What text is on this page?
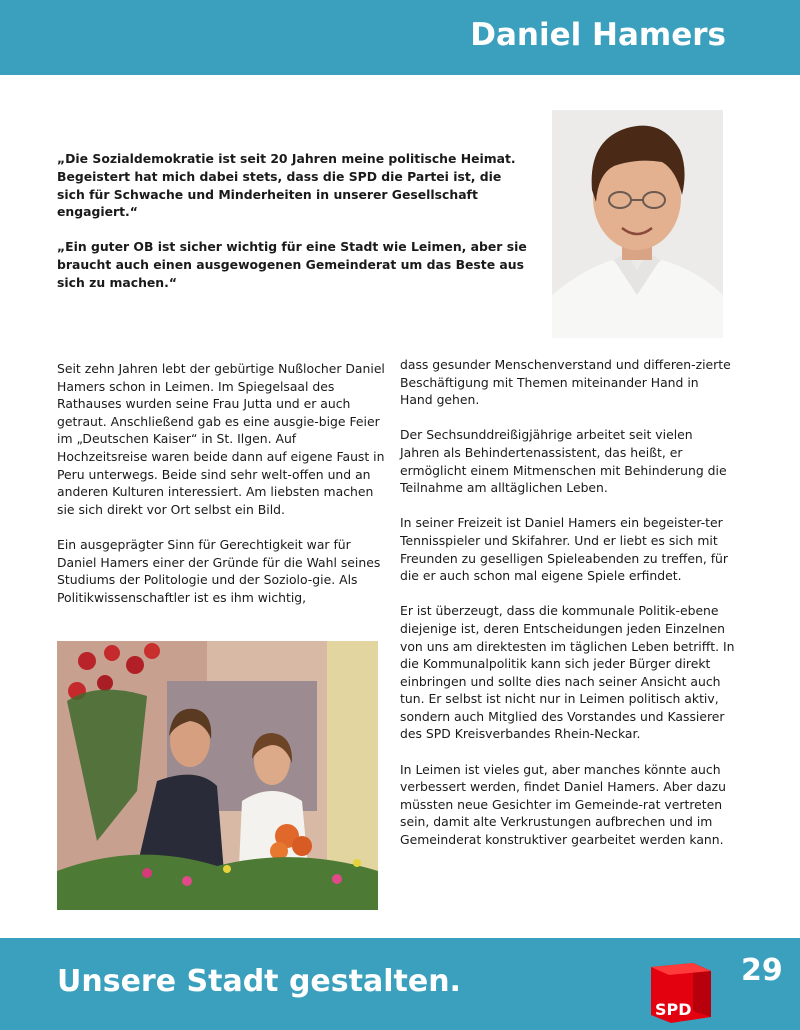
Daniel Hamers

„Die Sozialdemokratie ist seit 20 Jahren meine politische Heimat. Begeistert hat mich dabei stets, dass die SPD die Partei ist, die sich für Schwache und Minderheiten in unserer Gesellschaft engagiert.“

„Ein guter OB ist sicher wichtig für eine Stadt wie Leimen, aber sie braucht auch einen ausgewogenen Gemeinderat um das Beste aus sich zu machen.“

Seit zehn Jahren lebt der gebürtige Nußlocher Daniel Hamers schon in Leimen. Im Spiegelsaal des Rathauses wurden seine Frau Jutta und er auch getraut. Anschließend gab es eine ausgie-bige Feier im „Deutschen Kaiser“ in St. Ilgen. Auf Hochzeitsreise waren beide dann auf eigene Faust in Peru unterwegs. Beide sind sehr welt-offen und an anderen Kulturen interessiert. Am liebsten machen sie sich direkt vor Ort selbst ein Bild.

Ein ausgeprägter Sinn für Gerechtigkeit war für Daniel Hamers einer der Gründe für die Wahl seines Studiums der Politologie und der Soziolo-gie. Als Politikwissenschaftler ist es ihm wichtig,

dass gesunder Menschenverstand und differen-zierte Beschäftigung mit Themen miteinander Hand in Hand gehen.

Der Sechsunddreißigjährige arbeitet seit vielen Jahren als Behindertenassistent, das heißt, er ermöglicht einem Mitmenschen mit Behinderung die Teilnahme am alltäglichen Leben.

In seiner Freizeit ist Daniel Hamers ein begeister-ter Tennisspieler und Skifahrer. Und er liebt es sich mit Freunden zu geselligen Spieleabenden zu treffen, für die er auch schon mal eigene Spiele erfindet.

Er ist überzeugt, dass die kommunale Politik-ebene diejenige ist, deren Entscheidungen jeden Einzelnen von uns am direktesten im täglichen Leben betrifft. In die Kommunalpolitik kann sich jeder Bürger direkt einbringen und sollte dies nach seiner Ansicht auch tun. Er selbst ist nicht nur in Leimen politisch aktiv, sondern auch Mitglied des Vorstandes und Kassierer des SPD Kreisverbandes Rhein-Neckar.

In Leimen ist vieles gut, aber manches könnte auch verbessert werden, findet Daniel Hamers. Aber dazu müssten neue Gesichter im Gemeinde-rat vertreten sein, damit alte Verkrustungen aufbrechen und im Gemeinderat konstruktiver gearbeitet werden kann.

Unsere Stadt gestalten.
SPD
29
